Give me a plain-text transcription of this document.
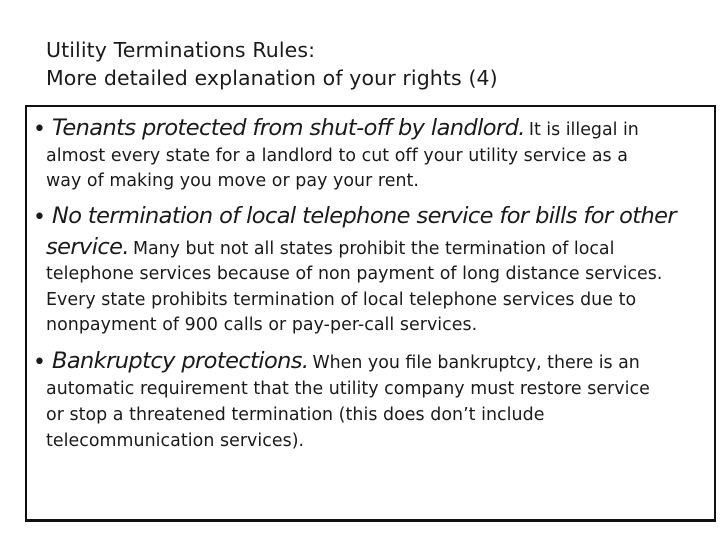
Utility Terminations Rules:
More detailed explanation of your rights (4)
• Tenants protected from shut-off by landlord. It is illegal in
almost every state for a landlord to cut off your utility service as a
way of making you move or pay your rent.
• No termination of local telephone service for bills for other
service. Many but not all states prohibit the termination of local
telephone services because of non payment of long distance services.
Every state prohibits termination of local telephone services due to
nonpayment of 900 calls or pay-per-call services.
• Bankruptcy protections. When you file bankruptcy, there is an
automatic requirement that the utility company must restore service
or stop a threatened termination (this does don’t include
telecommunication services).
